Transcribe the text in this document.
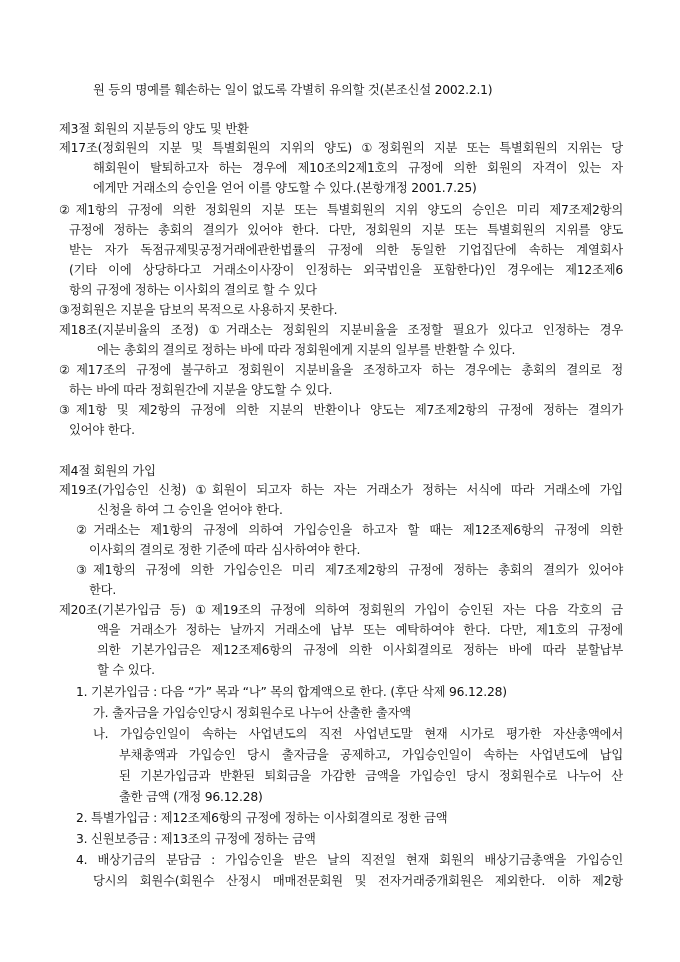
원 등의 명예를 훼손하는 일이 없도록 각별히 유의할 것(본조신설 2002.2.1)
제3절 회원의 지분등의 양도 및 반환
제17조(정회원의 지분 및 특별회원의 지위의 양도) ①정회원의 지분 또는 특별회원의 지위는 당
해회원이 탈퇴하고자 하는 경우에 제10조의2제1호의 규정에 의한 회원의 자격이 있는 자
에게만 거래소의 승인을 얻어 이를 양도할 수 있다.(본항개정 2001.7.25)
②제1항의 규정에 의한 정회원의 지분 또는 특별회원의 지위 양도의 승인은 미리 제7조제2항의
규정에 정하는 총회의 결의가 있어야 한다. 다만, 정회원의 지분 또는 특별회원의 지위를 양도
받는 자가 독점규제및공정거래에관한법률의 규정에 의한 동일한 기업집단에 속하는 계열회사
(기타 이에 상당하다고 거래소이사장이 인정하는 외국법인을 포함한다)인 경우에는 제12조제6
항의 규정에 정하는 이사회의 결의로 할 수 있다
③정회원은 지분을 담보의 목적으로 사용하지 못한다.
제18조(지분비율의 조정) ①거래소는 정회원의 지분비율을 조정할 필요가 있다고 인정하는 경우
에는 총회의 결의로 정하는 바에 따라 정회원에게 지분의 일부를 반환할 수 있다.
②제17조의 규정에 불구하고 정회원이 지분비율을 조정하고자 하는 경우에는 총회의 결의로 정
하는 바에 따라 정회원간에 지분을 양도할 수 있다.
③제1항 및 제2항의 규정에 의한 지분의 반환이나 양도는 제7조제2항의 규정에 정하는 결의가
있어야 한다.
제4절 회원의 가입
제19조(가입승인 신청) ①회원이 되고자 하는 자는 거래소가 정하는 서식에 따라 거래소에 가입
신청을 하여 그 승인을 얻어야 한다.
②거래소는 제1항의 규정에 의하여 가입승인을 하고자 할 때는 제12조제6항의 규정에 의한
이사회의 결의로 정한 기준에 따라 심사하여야 한다.
③제1항의 규정에 의한 가입승인은 미리 제7조제2항의 규정에 정하는 총회의 결의가 있어야
한다.
제20조(기본가입금 등) ①제19조의 규정에 의하여 정회원의 가입이 승인된 자는 다음 각호의 금
액을 거래소가 정하는 날까지 거래소에 납부 또는 예탁하여야 한다. 다만, 제1호의 규정에
의한 기본가입금은 제12조제6항의 규정에 의한 이사회결의로 정하는 바에 따라 분할납부
할 수 있다.
1. 기본가입금 : 다음 “가” 목과 “나” 목의 합계액으로 한다. (후단 삭제 96.12.28)
가. 출자금을 가입승인당시 정회원수로 나누어 산출한 출자액
나. 가입승인일이 속하는 사업년도의 직전 사업년도말 현재 시가로 평가한 자산총액에서
부채총액과 가입승인 당시 출자금을 공제하고, 가입승인일이 속하는 사업년도에 납입
된 기본가입금과 반환된 퇴회금을 가감한 금액을 가입승인 당시 정회원수로 나누어 산
출한 금액 (개정 96.12.28)
2. 특별가입금 : 제12조제6항의 규정에 정하는 이사회결의로 정한 금액
3. 신원보증금 : 제13조의 규정에 정하는 금액
4. 배상기금의 분담금 : 가입승인을 받은 날의 직전일 현재 회원의 배상기금총액을 가입승인
당시의 회원수(회원수 산정시 매매전문회원 및 전자거래중개회원은 제외한다. 이하 제2항
